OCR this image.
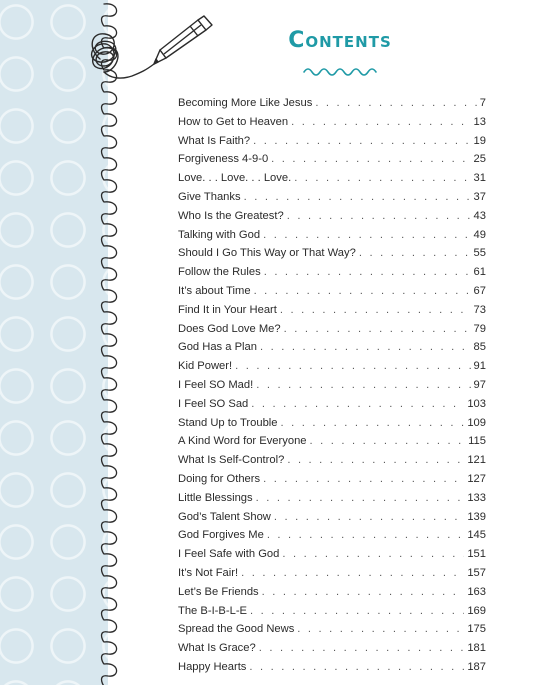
Contents
Becoming More Like Jesus . . .	7
How to Get to Heaven . . .	13
What Is Faith? . . .	19
Forgiveness 4-9-0 . . .	25
Love. . . Love. . . Love. . . .	31
Give Thanks . . .	37
Who Is the Greatest? . . .	43
Talking with God . . .	49
Should I Go This Way or That Way? . . .	55
Follow the Rules . . .	61
It’s about Time . . .	67
Find It in Your Heart . . .	73
Does God Love Me? . . .	79
God Has a Plan . . .	85
Kid Power! . . .	91
I Feel SO Mad! . . .	97
I Feel SO Sad . . .	103
Stand Up to Trouble . . .	109
A Kind Word for Everyone . . .	115
What Is Self-Control? . . .	121
Doing for Others . . .	127
Little Blessings . . .	133
God’s Talent Show . . .	139
God Forgives Me . . .	145
I Feel Safe with God . . .	151
It’s Not Fair! . . .	157
Let’s Be Friends . . .	163
The B-I-B-L-E . . .	169
Spread the Good News . . .	175
What Is Grace? . . .	181
Happy Hearts . . .	187
